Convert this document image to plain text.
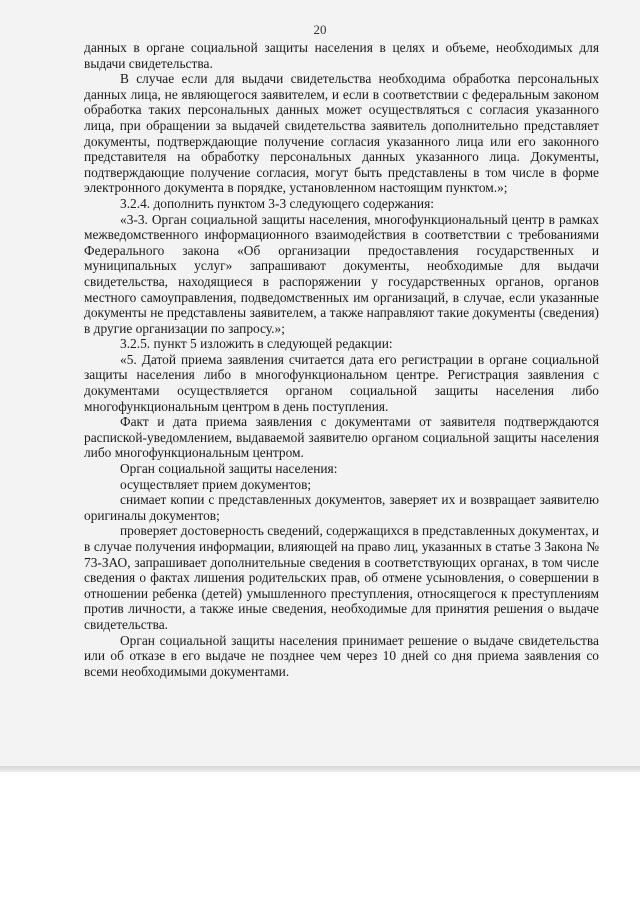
20

данных в органе социальной защиты населения в целях и объеме, необходимых для выдачи свидетельства.

В случае если для выдачи свидетельства необходима обработка персональных данных лица, не являющегося заявителем, и если в соответствии с федеральным законом обработка таких персональных данных может осуществляться с согласия указанного лица, при обращении за выдачей свидетельства заявитель дополнительно представляет документы, подтверждающие получение согласия указанного лица или его законного представителя на обработку персональных данных указанного лица. Документы, подтверждающие получение согласия, могут быть представлены в том числе в форме электронного документа в порядке, установленном настоящим пунктом.»;

3.2.4. дополнить пунктом 3-3 следующего содержания:

«3-3. Орган социальной защиты населения, многофункциональный центр в рамках межведомственного информационного взаимодействия в соответствии с требованиями Федерального закона «Об организации предоставления государственных и муниципальных услуг» запрашивают документы, необходимые для выдачи свидетельства, находящиеся в распоряжении у государственных органов, органов местного самоуправления, подведомственных им организаций, в случае, если указанные документы не представлены заявителем, а также направляют такие документы (сведения) в другие организации по запросу.»;

3.2.5. пункт 5 изложить в следующей редакции:

«5. Датой приема заявления считается дата его регистрации в органе социальной защиты населения либо в многофункциональном центре. Регистрация заявления с документами осуществляется органом социальной защиты населения либо многофункциональным центром в день поступления.

Факт и дата приема заявления с документами от заявителя подтверждаются распиской-уведомлением, выдаваемой заявителю органом социальной защиты населения либо многофункциональным центром.

Орган социальной защиты населения:

осуществляет прием документов;

снимает копии с представленных документов, заверяет их и возвращает заявителю оригиналы документов;

проверяет достоверность сведений, содержащихся в представленных документах, и в случае получения информации, влияющей на право лиц, указанных в статье 3 Закона № 73-ЗАО, запрашивает дополнительные сведения в соответствующих органах, в том числе сведения о фактах лишения родительских прав, об отмене усыновления, о совершении в отношении ребенка (детей) умышленного преступления, относящегося к преступлениям против личности, а также иные сведения, необходимые для принятия решения о выдаче свидетельства.

Орган социальной защиты населения принимает решение о выдаче свидетельства или об отказе в его выдаче не позднее чем через 10 дней со дня приема заявления со всеми необходимыми документами.
